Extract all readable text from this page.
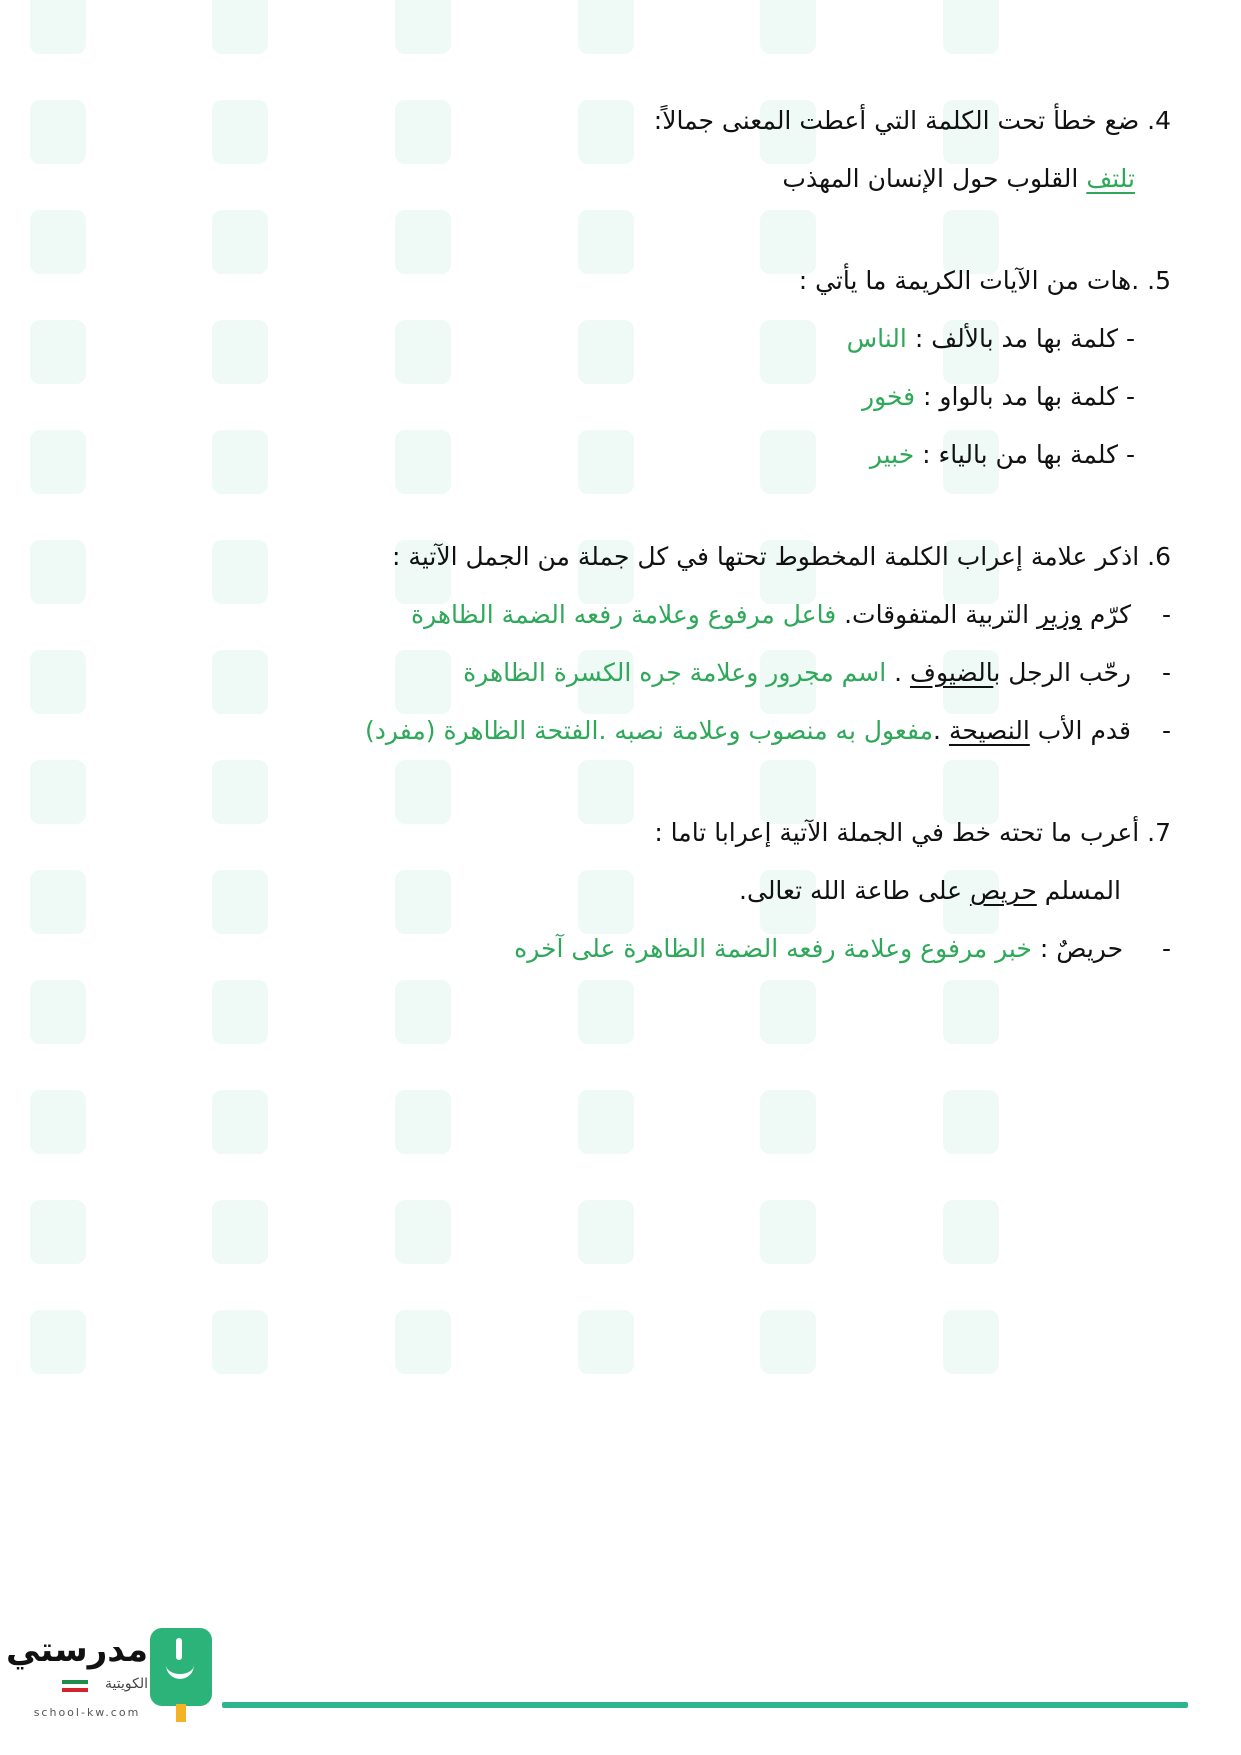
4. ضع خطأ تحت الكلمة التي أعطت المعنى جمالاً:
تلتف القلوب حول الإنسان المهذب
5. .هات من الآيات الكريمة ما يأتي :
- كلمة بها مد بالألف : الناس
- كلمة بها مد بالواو : فخور
- كلمة بها من بالياء : خبير
6. اذكر علامة إعراب الكلمة المخطوط تحتها في كل جملة من الجمل الآتية :
-كرّم وزير التربية المتفوقات. فاعل مرفوع وعلامة رفعه الضمة الظاهرة
-رحّب الرجل بالضيوف . اسم مجرور وعلامة جره الكسرة الظاهرة
-قدم الأب النصيحة .مفعول به منصوب وعلامة نصبه .الفتحة الظاهرة (مفرد)
7. أعرب ما تحته خط في الجملة الآتية إعرابا تاما :
المسلم حريص على طاعة الله تعالى.
- حريصٌ : خبر مرفوع وعلامة رفعه الضمة الظاهرة على آخره
مدرستي
الكويتية
school-kw.com
